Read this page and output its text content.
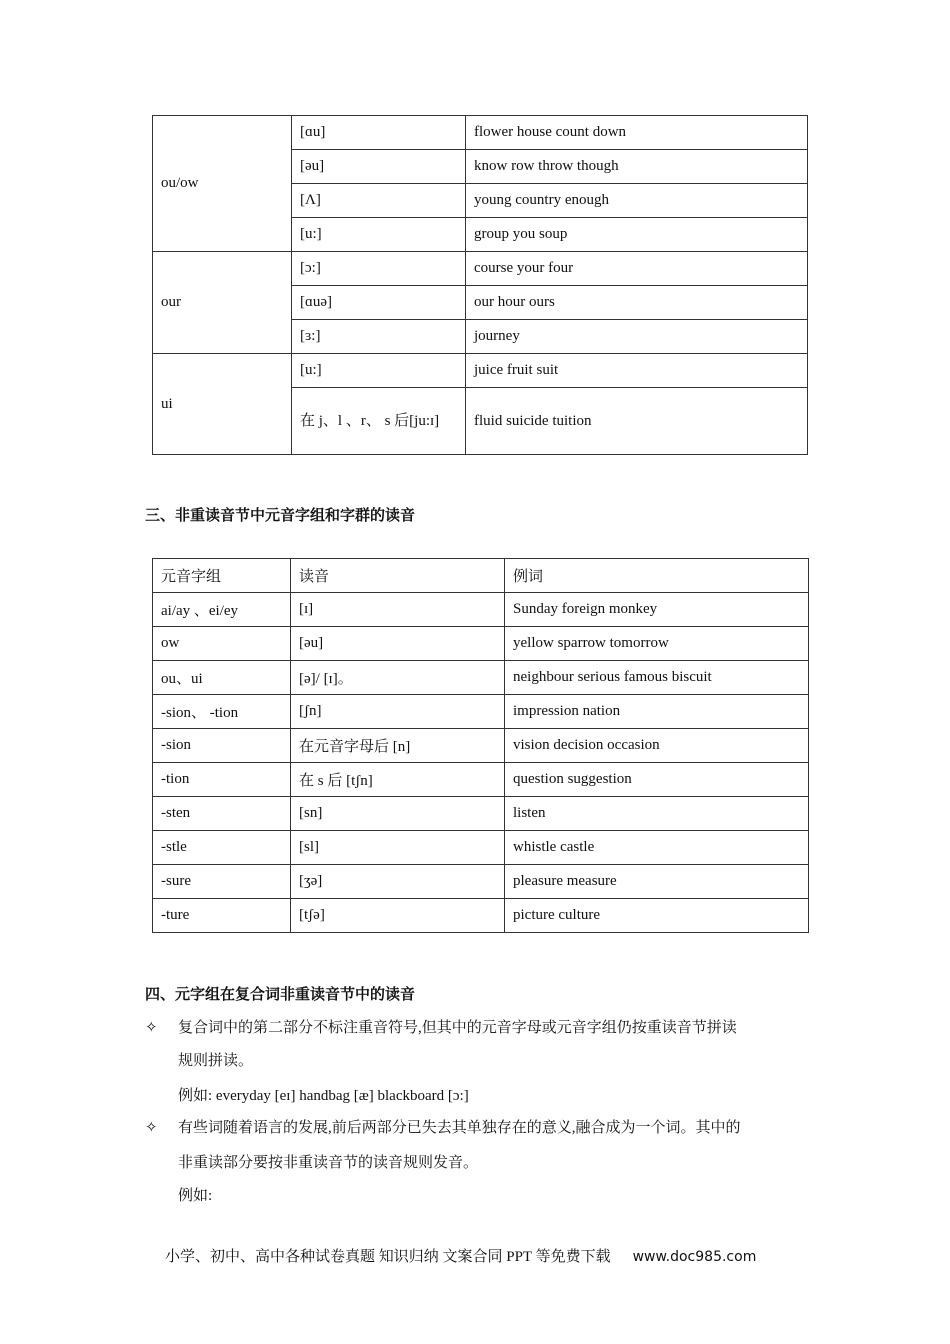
ou/ow	[ɑu]	flower house count down
	[əu]	know row throw though
	[Λ]	young country enough
	[u:]	group you soup
our	[ɔ:]	course your four
	[ɑuə]	our hour ours
	[ɜ:]	journey
ui	[u:]	juice fruit suit
	在 j、l 、r、 s 后[ju:ɪ]	fluid suicide tuition
三、非重读音节中元音字组和字群的读音
元音字组	读音	例词
ai/ay 、ei/ey	[ɪ]	Sunday foreign monkey
ow	[əu]	yellow sparrow tomorrow
ou、ui	[ə]/ [ɪ]。	neighbour serious famous biscuit
-sion、 -tion	[ʃn]	impression nation
-sion	在元音字母后 [n]	vision decision occasion
-tion	在 s 后 [tʃn]	question suggestion
-sten	[sn]	listen
-stle	[sl]	whistle castle
-sure	[ʒə]	pleasure measure
-ture	[tʃə]	picture culture
四、元字组在复合词非重读音节中的读音
✧ 复合词中的第二部分不标注重音符号,但其中的元音字母或元音字组仍按重读音节拼读
规则拼读。
例如: everyday [eɪ] handbag [æ] blackboard [ɔ:]
✧ 有些词随着语言的发展,前后两部分已失去其单独存在的意义,融合成为一个词。其中的
非重读部分要按非重读音节的读音规则发音。
例如:
小学、初中、高中各种试卷真题 知识归纳 文案合同 PPT 等免费下载 www.doc985.com
